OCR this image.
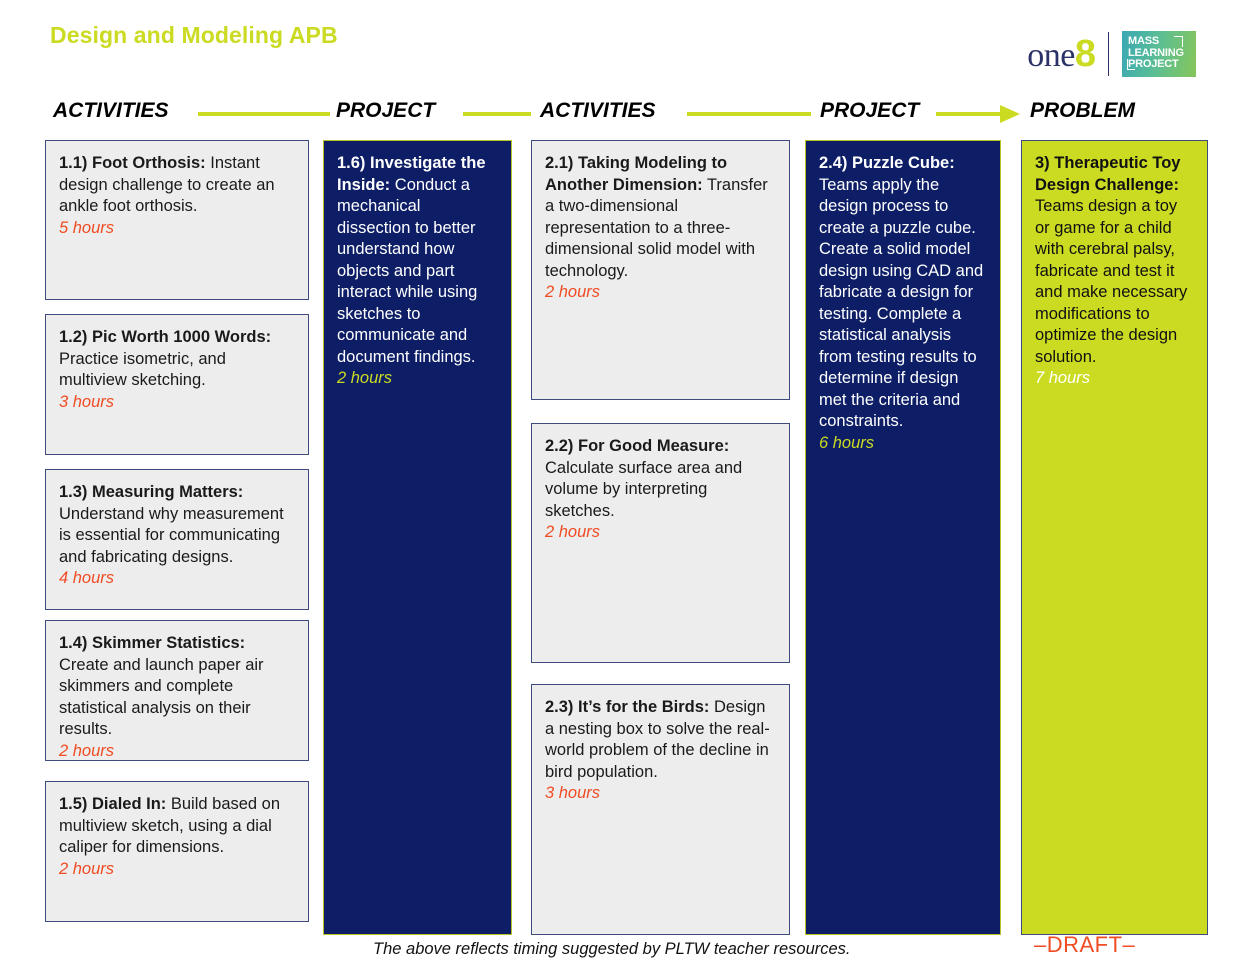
Design and Modeling APB
one8	MASS
LEARNING
PROJECT
ACTIVITIES	PROJECT	ACTIVITIES	PROJECT	PROBLEM
1.1) Foot Orthosis: Instant design challenge to create an ankle foot orthosis.
5 hours
1.2) Pic Worth 1000 Words: Practice isometric, and multiview sketching.
3 hours
1.3) Measuring Matters: Understand why measurement is essential for communicating and fabricating designs.
4 hours
1.4) Skimmer Statistics: Create and launch paper air skimmers and complete statistical analysis on their results.
2 hours
1.5) Dialed In: Build based on multiview sketch, using a dial caliper for dimensions.
2 hours
1.6) Investigate the Inside: Conduct a mechanical dissection to better understand how objects and part interact while using sketches to communicate and document findings.
2 hours
2.1) Taking Modeling to Another Dimension: Transfer a two-dimensional representation to a three-dimensional solid model with technology.
2 hours
2.2) For Good Measure: Calculate surface area and volume by interpreting sketches.
2 hours
2.3) It’s for the Birds: Design a nesting box to solve the real-world problem of the decline in bird population.
3 hours
2.4) Puzzle Cube: Teams apply the design process to create a puzzle cube. Create a solid model design using CAD and fabricate a design for testing. Complete a statistical analysis from testing results to determine if design met the criteria and constraints.
6 hours
3) Therapeutic Toy Design Challenge: Teams design a toy or game for a child with cerebral palsy, fabricate and test it and make necessary modifications to optimize the design solution.
7 hours
The above reflects timing suggested by PLTW teacher resources.	–DRAFT–
